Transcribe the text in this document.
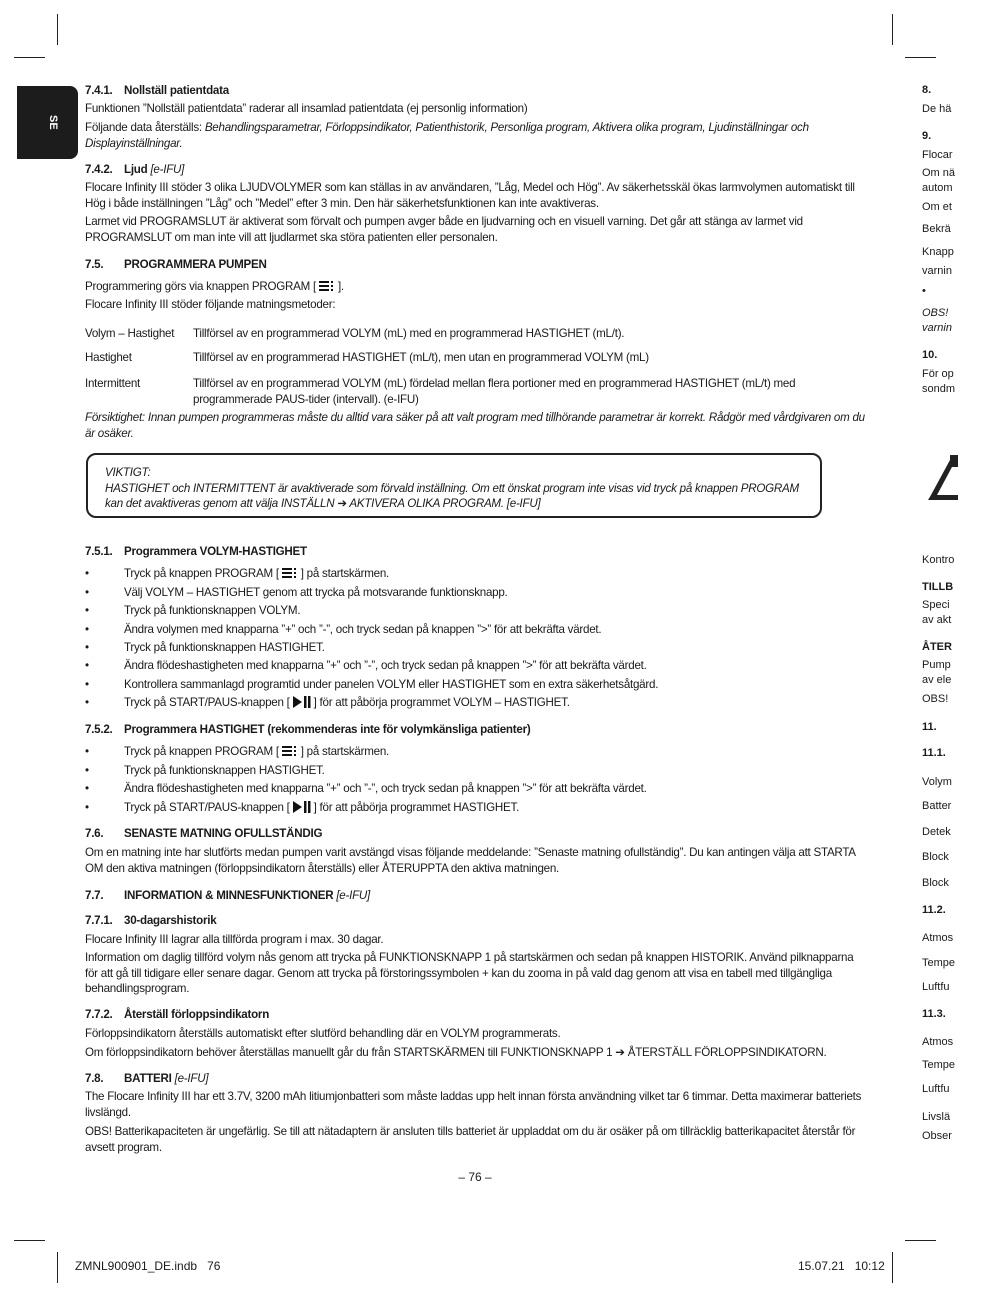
SE
7.4.1. Nollställ patientdata
Funktionen ”Nollställ patientdata” raderar all insamlad patientdata (ej personlig information)
Följande data återställs: Behandlingsparametrar, Förloppsindikator, Patienthistorik, Personliga program, Aktivera olika program, Ljudinställningar och Displayinställningar.
7.4.2. Ljud [e-IFU]
Flocare Infinity III stöder 3 olika LJUDVOLYMER som kan ställas in av användaren, ”Låg, Medel och Hög”. Av säkerhetsskäl ökas larmvolymen automatiskt till Hög i både inställningen ”Låg” och ”Medel” efter 3 min. Den här säkerhetsfunktionen kan inte avaktiveras.
Larmet vid PROGRAMSLUT är aktiverat som förvalt och pumpen avger både en ljudvarning och en visuell varning. Det går att stänga av larmet vid PROGRAMSLUT om man inte vill att ljudlarmet ska störa patienten eller personalen.
7.5. PROGRAMMERA PUMPEN
Programmering görs via knappen PROGRAM [  ].
Flocare Infinity III stöder följande matningsmetoder:
Volym – Hastighet	Tillförsel av en programmerad VOLYM (mL) med en programmerad HASTIGHET (mL/t).
Hastighet	Tillförsel av en programmerad HASTIGHET (mL/t), men utan en programmerad VOLYM (mL)
Intermittent	Tillförsel av en programmerad VOLYM (mL) fördelad mellan flera portioner med en programmerad HASTIGHET (mL/t) med programmerade PAUS-tider (intervall). (e-IFU)
Försiktighet: Innan pumpen programmeras måste du alltid vara säker på att valt program med tillhörande parametrar är korrekt. Rådgör med vårdgivaren om du är osäker.
VIKTIGT:
HASTIGHET och INTERMITTENT är avaktiverade som förvald inställning. Om ett önskat program inte visas vid tryck på knappen PROGRAM kan det avaktiveras genom att välja INSTÄLLN ➔ AKTIVERA OLIKA PROGRAM. [e-IFU]
7.5.1. Programmera VOLYM-HASTIGHET
•	Tryck på knappen PROGRAM [  ] på startskärmen.
•	Välj VOLYM – HASTIGHET genom att trycka på motsvarande funktionsknapp.
•	Tryck på funktionsknappen VOLYM.
•	Ändra volymen med knapparna ”+” och ”-”, och tryck sedan på knappen ”>” för att bekräfta värdet.
•	Tryck på funktionsknappen HASTIGHET.
•	Ändra flödeshastigheten med knapparna ”+” och ”-”, och tryck sedan på knappen ”>” för att bekräfta värdet.
•	Kontrollera sammanlagd programtid under panelen VOLYM eller HASTIGHET som en extra säkerhetsåtgärd.
•	Tryck på START/PAUS-knappen [  ] för att påbörja programmet VOLYM – HASTIGHET.
7.5.2. Programmera HASTIGHET (rekommenderas inte för volymkänsliga patienter)
•	Tryck på knappen PROGRAM [  ] på startskärmen.
•	Tryck på funktionsknappen HASTIGHET.
•	Ändra flödeshastigheten med knapparna ”+” och ”-”, och tryck sedan på knappen ”>” för att bekräfta värdet.
•	Tryck på START/PAUS-knappen [  ] för att påbörja programmet HASTIGHET.
7.6. SENASTE MATNING OFULLSTÄNDIG
Om en matning inte har slutförts medan pumpen varit avstängd visas följande meddelande: ”Senaste matning ofullständig”. Du kan antingen välja att STARTA OM den aktiva matningen (förloppsindikatorn återställs) eller ÅTERUPPTA den aktiva matningen.
7.7. INFORMATION & MINNESFUNKTIONER [e-IFU]
7.7.1. 30-dagarshistorik
Flocare Infinity III lagrar alla tillförda program i max. 30 dagar.
Information om daglig tillförd volym nås genom att trycka på FUNKTIONSKNAPP 1 på startskärmen och sedan på knappen HISTORIK. Använd pilknapparna för att gå till tidigare eller senare dagar. Genom att trycka på förstoringssymbolen + kan du zooma in på vald dag genom att visa en tabell med tillgängliga behandlingsprogram.
7.7.2. Återställ förloppsindikatorn
Förloppsindikatorn återställs automatiskt efter slutförd behandling där en VOLYM programmerats.
Om förloppsindikatorn behöver återställas manuellt går du från STARTSKÄRMEN till FUNKTIONSKNAPP 1 ➔ ÅTERSTÄLL FÖRLOPPSINDIKATORN.
7.8. BATTERI [e-IFU]
The Flocare Infinity III har ett 3.7V, 3200 mAh litiumjonbatteri som måste laddas upp helt innan första användning vilket tar 6 timmar. Detta maximerar batteriets livslängd.
OBS! Batterikapaciteten är ungefärlig. Se till att nätadaptern är ansluten tills batteriet är uppladdat om du är osäker på om tillräcklig batterikapacitet återstår för avsett program.
8.
De hä
9.
Flocar
Om nä
autom
Om et
Bekrä
Knapp
varnin
•
OBS!
varnin
10.
För op
sondm
Kontro
TILLB
Speci
av akt
ÅTER
Pump
av ele
OBS!
11.
11.1.
Volym
Batter
Detek
Block
Block
11.2.
Atmos
Tempe
Luftfu
11.3.
Atmos
Tempe
Luftfu
Livslä
Obser
– 76 –
ZMNL900901_DE.indb   76	15.07.21   10:12
